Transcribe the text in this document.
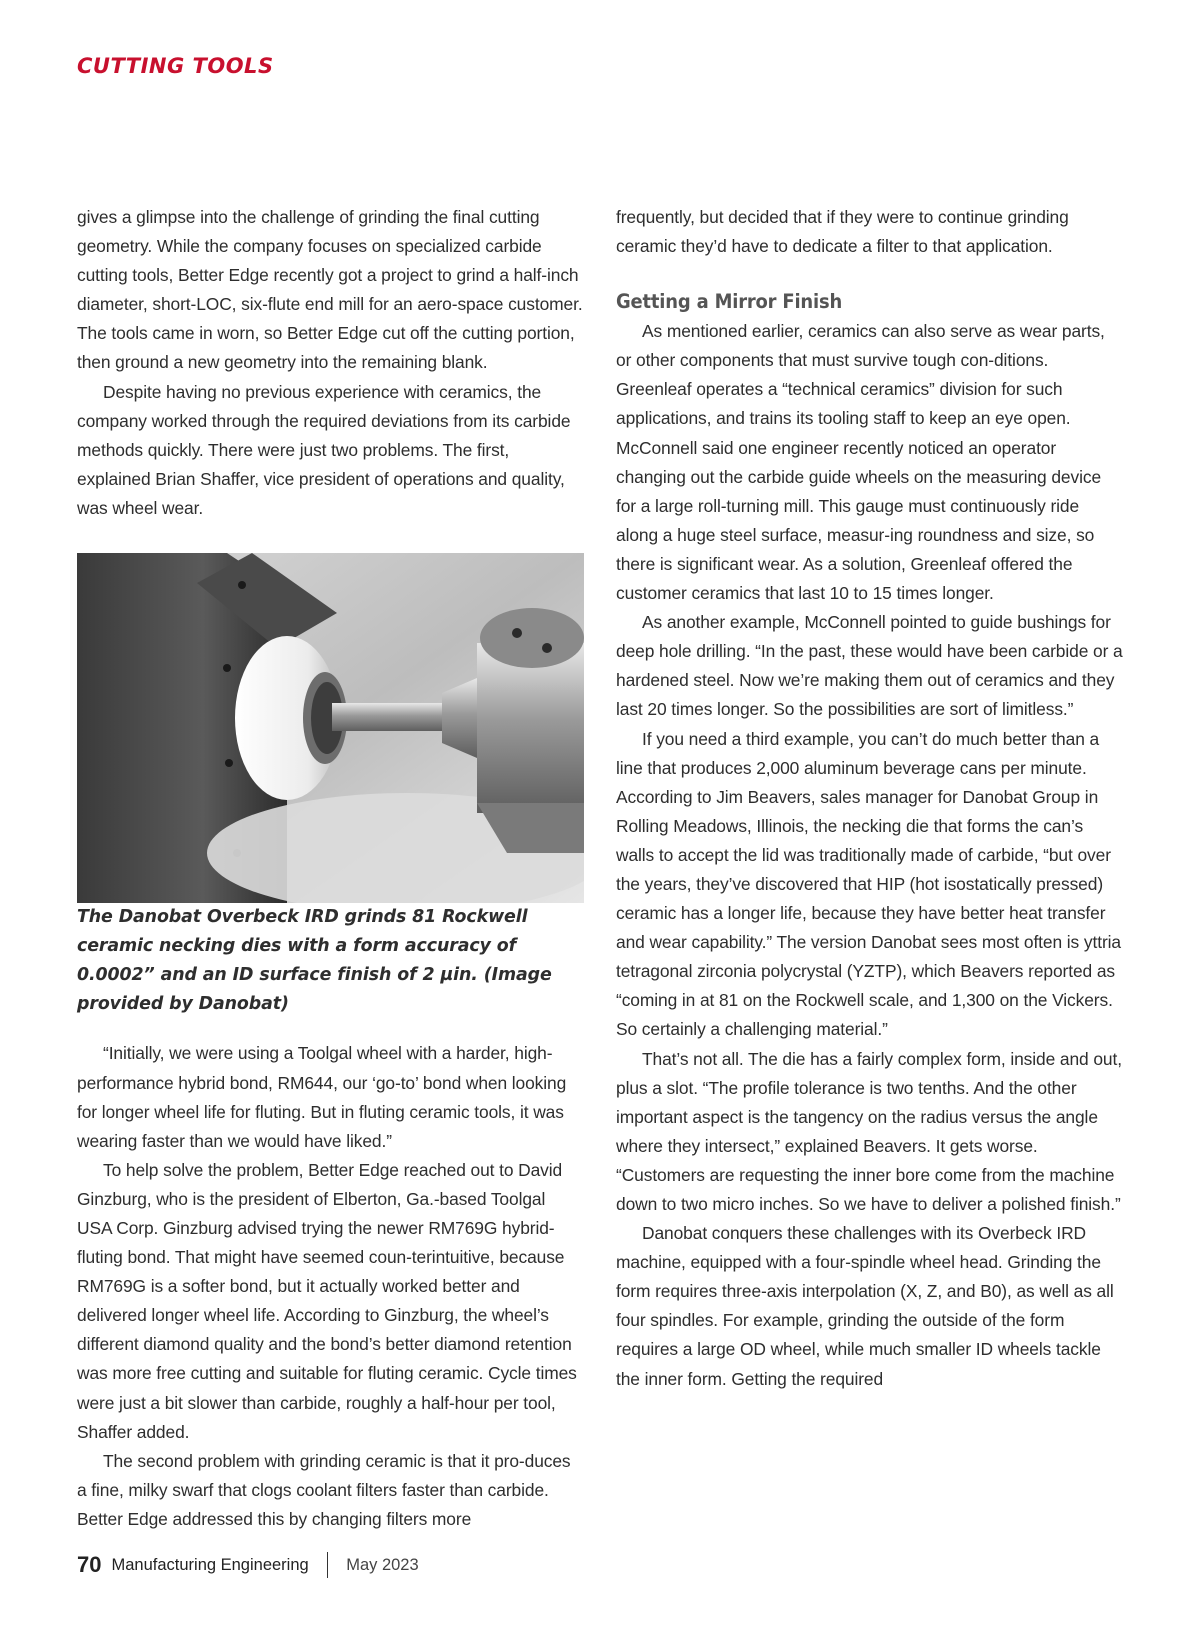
CUTTING TOOLS

gives a glimpse into the challenge of grinding the final cutting geometry. While the company focuses on specialized carbide cutting tools, Better Edge recently got a project to grind a half-inch diameter, short-LOC, six-flute end mill for an aero-space customer. The tools came in worn, so Better Edge cut off the cutting portion, then ground a new geometry into the remaining blank.

Despite having no previous experience with ceramics, the company worked through the required deviations from its carbide methods quickly. There were just two problems. The first, explained Brian Shaffer, vice president of operations and quality, was wheel wear.

The Danobat Overbeck IRD grinds 81 Rockwell ceramic necking dies with a form accuracy of 0.0002” and an ID surface finish of 2 µin. (Image provided by Danobat)

“Initially, we were using a Toolgal wheel with a harder, high-performance hybrid bond, RM644, our ‘go-to’ bond when looking for longer wheel life for fluting. But in fluting ceramic tools, it was wearing faster than we would have liked.”

To help solve the problem, Better Edge reached out to David Ginzburg, who is the president of Elberton, Ga.-based Toolgal USA Corp. Ginzburg advised trying the newer RM769G hybrid-fluting bond. That might have seemed coun-terintuitive, because RM769G is a softer bond, but it actually worked better and delivered longer wheel life. According to Ginzburg, the wheel’s different diamond quality and the bond’s better diamond retention was more free cutting and suitable for fluting ceramic. Cycle times were just a bit slower than carbide, roughly a half-hour per tool, Shaffer added.

The second problem with grinding ceramic is that it pro-duces a fine, milky swarf that clogs coolant filters faster than carbide. Better Edge addressed this by changing filters more

frequently, but decided that if they were to continue grinding ceramic they’d have to dedicate a filter to that application.

Getting a Mirror Finish

As mentioned earlier, ceramics can also serve as wear parts, or other components that must survive tough con-ditions. Greenleaf operates a “technical ceramics” division for such applications, and trains its tooling staff to keep an eye open. McConnell said one engineer recently noticed an operator changing out the carbide guide wheels on the measuring device for a large roll-turning mill. This gauge must continuously ride along a huge steel surface, measur-ing roundness and size, so there is significant wear. As a solution, Greenleaf offered the customer ceramics that last 10 to 15 times longer.

As another example, McConnell pointed to guide bushings for deep hole drilling. “In the past, these would have been carbide or a hardened steel. Now we’re making them out of ceramics and they last 20 times longer. So the possibilities are sort of limitless.”

If you need a third example, you can’t do much better than a line that produces 2,000 aluminum beverage cans per minute. According to Jim Beavers, sales manager for Danobat Group in Rolling Meadows, Illinois, the necking die that forms the can’s walls to accept the lid was traditionally made of carbide, “but over the years, they’ve discovered that HIP (hot isostatically pressed) ceramic has a longer life, because they have better heat transfer and wear capability.” The version Danobat sees most often is yttria tetragonal zirconia polycrystal (YZTP), which Beavers reported as “coming in at 81 on the Rockwell scale, and 1,300 on the Vickers. So certainly a challenging material.”

That’s not all. The die has a fairly complex form, inside and out, plus a slot. “The profile tolerance is two tenths. And the other important aspect is the tangency on the radius versus the angle where they intersect,” explained Beavers. It gets worse. “Customers are requesting the inner bore come from the machine down to two micro inches. So we have to deliver a polished finish.”

Danobat conquers these challenges with its Overbeck IRD machine, equipped with a four-spindle wheel head. Grinding the form requires three-axis interpolation (X, Z, and B0), as well as all four spindles. For example, grinding the outside of the form requires a large OD wheel, while much smaller ID wheels tackle the inner form. Getting the required

70 Manufacturing Engineering May 2023
